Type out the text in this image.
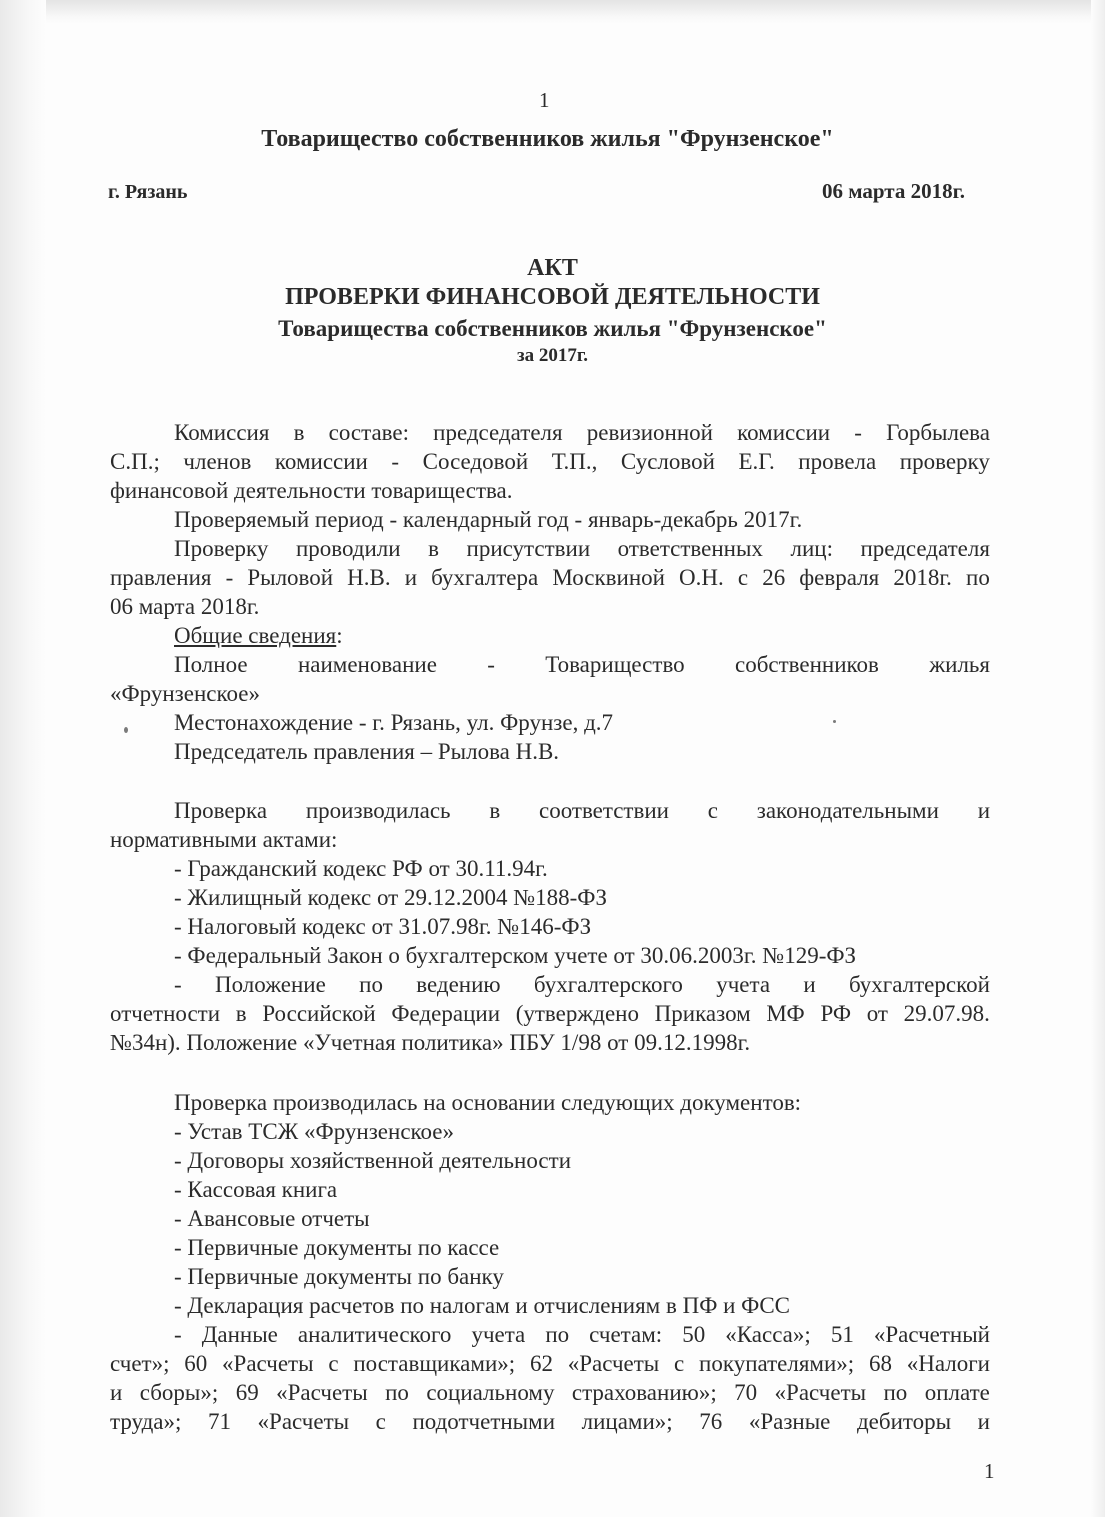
1
Товарищество собственников жилья "Фрунзенское"
г. Рязань	06 марта 2018г.
АКТ
ПРОВЕРКИ ФИНАНСОВОЙ ДЕЯТЕЛЬНОСТИ
Товарищества собственников жилья "Фрунзенское"
за 2017г.
Комиссия в составе: председателя ревизионной комиссии - Горбылева
С.П.; членов комиссии - Соседовой Т.П., Сусловой Е.Г. провела проверку
финансовой деятельности товарищества.
Проверяемый период - календарный год - январь-декабрь 2017г.
Проверку проводили в присутствии ответственных лиц: председателя
правления - Рыловой Н.В. и бухгалтера Москвиной О.Н. с 26 февраля 2018г. по
06 марта 2018г.
Общие сведения:
Полное наименование - Товарищество собственников жилья
«Фрунзенское»
Местонахождение - г. Рязань, ул. Фрунзе, д.7
Председатель правления – Рылова Н.В.
Проверка производилась в соответствии с законодательными и
нормативными актами:
- Гражданский кодекс РФ от 30.11.94г.
- Жилищный кодекс от 29.12.2004 №188-ФЗ
- Налоговый кодекс от 31.07.98г. №146-ФЗ
- Федеральный Закон о бухгалтерском учете от 30.06.2003г. №129-ФЗ
- Положение по ведению бухгалтерского учета и бухгалтерской
отчетности в Российской Федерации (утверждено Приказом МФ РФ от 29.07.98.
№34н). Положение «Учетная политика» ПБУ 1/98 от 09.12.1998г.
Проверка производилась на основании следующих документов:
- Устав ТСЖ «Фрунзенское»
- Договоры хозяйственной деятельности
- Кассовая книга
- Авансовые отчеты
- Первичные документы по кассе
- Первичные документы по банку
- Декларация расчетов по налогам и отчислениям в ПФ и ФСС
- Данные аналитического учета по счетам: 50 «Касса»; 51 «Расчетный
счет»; 60 «Расчеты с поставщиками»; 62 «Расчеты с покупателями»; 68 «Налоги
и сборы»; 69 «Расчеты по социальному страхованию»; 70 «Расчеты по оплате
труда»; 71 «Расчеты с подотчетными лицами»; 76 «Разные дебиторы и
1
